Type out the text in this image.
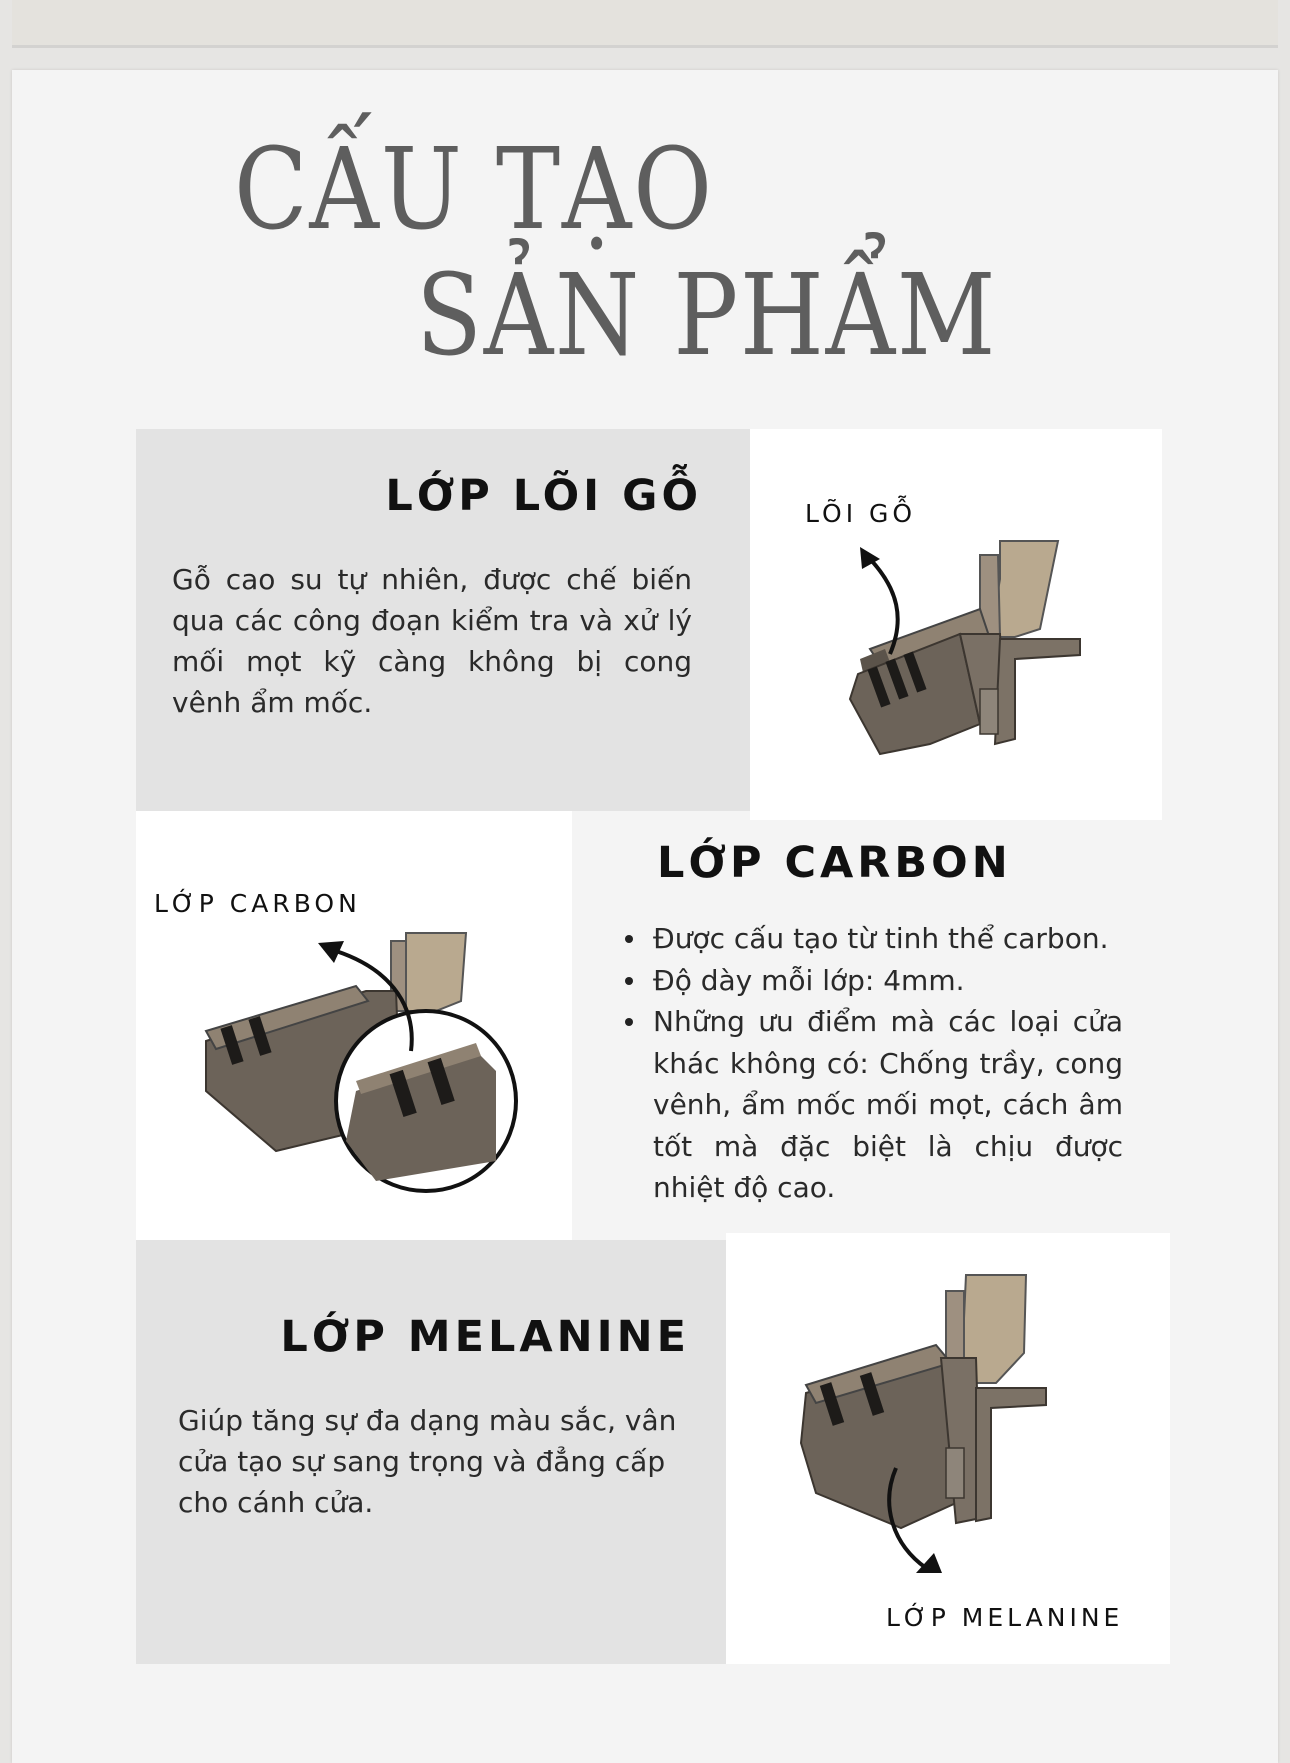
CẤU TẠO
SẢN PHẨM
LỚP LÕI GỖ
Gỗ cao su tự nhiên, được chế biến qua các công đoạn kiểm tra và xử lý mối mọt kỹ càng không bị cong vênh ẩm mốc.
LÕI GỖ
LỚP CARBON
LỚP CARBON
Được cấu tạo từ tinh thể carbon.
Độ dày mỗi lớp: 4mm.
Những ưu điểm mà các loại cửa khác không có: Chống trầy, cong vênh, ẩm mốc mối mọt, cách âm tốt mà đặc biệt là chịu được nhiệt độ cao.
LỚP MELANINE
Giúp tăng sự đa dạng màu sắc, vân cửa tạo sự sang trọng và đẳng cấp cho cánh cửa.
LỚP MELANINE
